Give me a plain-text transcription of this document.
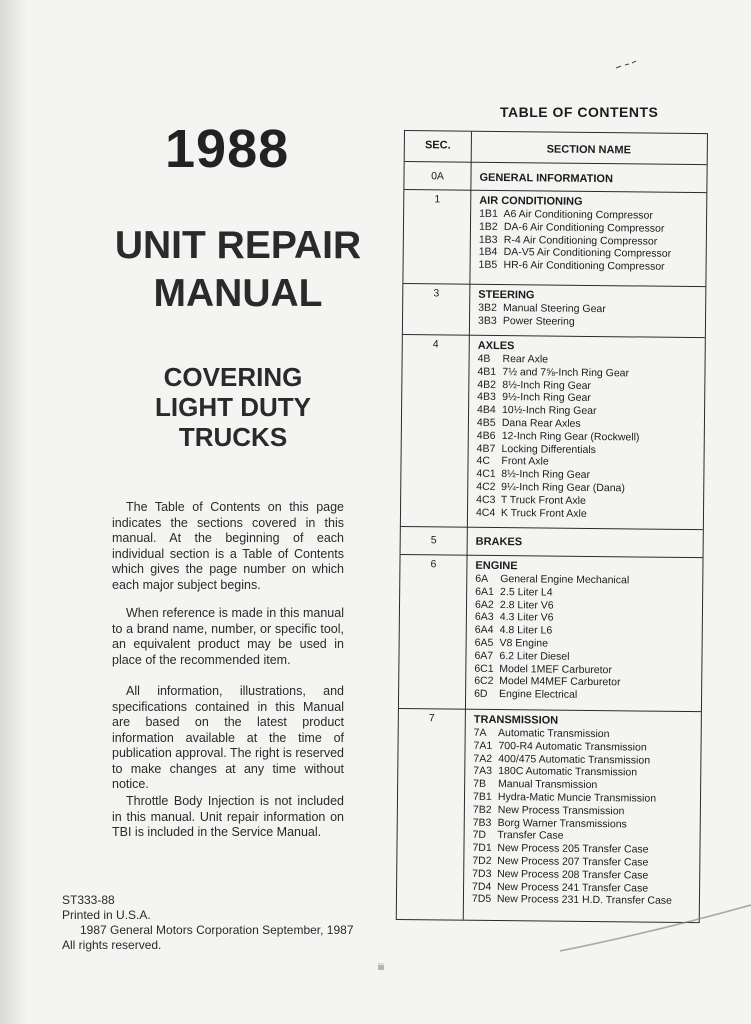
1988
UNIT REPAIR
MANUAL
COVERING
LIGHT DUTY
TRUCKS
The Table of Contents on this page indicates the sections covered in this manual. At the beginning of each individual section is a Table of Contents which gives the page number on which each major subject begins.
When reference is made in this manual to a brand name, number, or specific tool, an equivalent product may be used in place of the recommended item.
All information, illustrations, and specifications contained in this Manual are based on the latest product information available at the time of publication approval. The right is reserved to make changes at any time without notice.
Throttle Body Injection is not included in this manual. Unit repair information on TBI is included in the Service Manual.
ST333-88
Printed in U.S.A.
1987 General Motors Corporation September, 1987
All rights reserved.
iii
TABLE OF CONTENTS
SEC.	SECTION NAME
0A	GENERAL INFORMATION
1	AIR CONDITIONING
1B1 A6 Air Conditioning Compressor
1B2 DA-6 Air Conditioning Compressor
1B3 R-4 Air Conditioning Compressor
1B4 DA-V5 Air Conditioning Compressor
1B5 HR-6 Air Conditioning Compressor
3	STEERING
3B2 Manual Steering Gear
3B3 Power Steering
4	AXLES
4B Rear Axle
4B1 7½ and 7⅝-Inch Ring Gear
4B2 8½-Inch Ring Gear
4B3 9½-Inch Ring Gear
4B4 10½-Inch Ring Gear
4B5 Dana Rear Axles
4B6 12-Inch Ring Gear (Rockwell)
4B7 Locking Differentials
4C Front Axle
4C1 8½-Inch Ring Gear
4C2 9¼-Inch Ring Gear (Dana)
4C3 T Truck Front Axle
4C4 K Truck Front Axle
5	BRAKES
6	ENGINE
6A General Engine Mechanical
6A1 2.5 Liter L4
6A2 2.8 Liter V6
6A3 4.3 Liter V6
6A4 4.8 Liter L6
6A5 V8 Engine
6A7 6.2 Liter Diesel
6C1 Model 1MEF Carburetor
6C2 Model M4MEF Carburetor
6D Engine Electrical
7	TRANSMISSION
7A Automatic Transmission
7A1 700-R4 Automatic Transmission
7A2 400/475 Automatic Transmission
7A3 180C Automatic Transmission
7B Manual Transmission
7B1 Hydra-Matic Muncie Transmission
7B2 New Process Transmission
7B3 Borg Warner Transmissions
7D Transfer Case
7D1 New Process 205 Transfer Case
7D2 New Process 207 Transfer Case
7D3 New Process 208 Transfer Case
7D4 New Process 241 Transfer Case
7D5 New Process 231 H.D. Transfer Case
